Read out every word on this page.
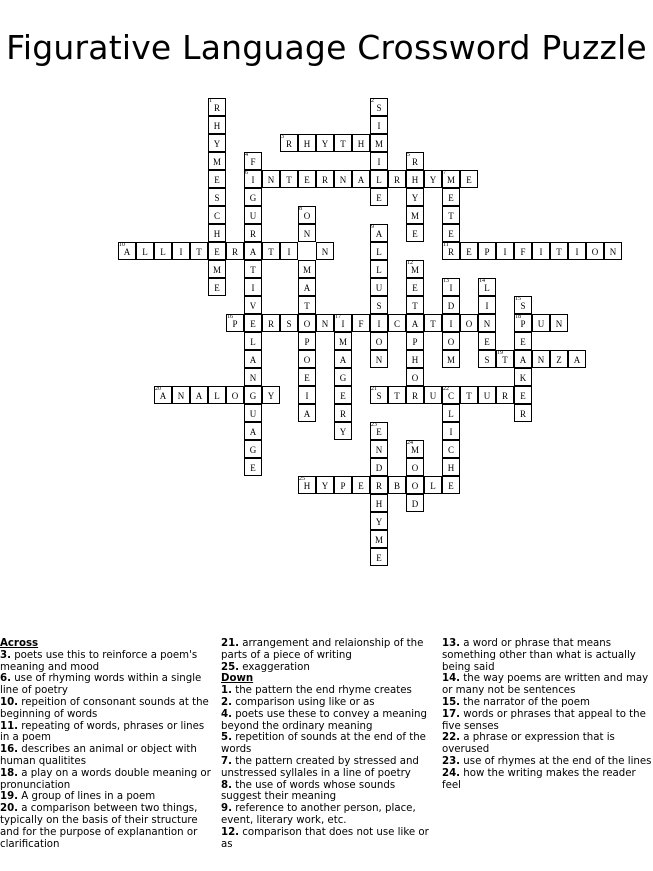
Figurative Language Crossword Puzzle
1
R
H
Y
M
E
S
C
H
E
M
E
2
S
I
M
I
L
E
3
R	H	Y	T	H
4
F
G
U
R
A
T
I
V
E
5
R
Y
M
E
6
I	N	T	E	R	N	A	R	H	Y
7
M	E
E
T
E
8
O
N
M
A
T
O
P
O
E
I
A
9
A
L
L
U
S
I
O
N
10
A	L	L	I	T	R	T	I	N
11
R	E	P	I	F	I	T	I	O	N
12
M
E
T
A
P
H
O
R
13
I
D
I
O
M
14
L
I
N
E
S
15
S
E
A
K
E
R
16
P	R	S	N
17
I	F	C	T	O
L
A
N
G
U
A
G
E
M
A
G
E
R
Y
18
P	U	N
19
T	N	Z	A
20
A	N	A	L	O	Y
21
S	T	U
22
C	T	U	R
L
I
C
H
E
23
E
N
D
H
Y
M
E
24
M
O
D
25
H	Y	P	E	R	B	O	L
Across
3. poets use this to reinforce a poem's meaning and mood
6. use of rhyming words within a single line of poetry
10. repeition of consonant sounds at the beginning of words
11. repeating of words, phrases or lines in a poem
16. describes an animal or object with human qualitites
18. a play on a words double meaning or pronunciation
19. A group of lines in a poem
20. a comparison between two things, typically on the basis of their structure and for the purpose of explanantion or clarification
21. arrangement and relaionship of the parts of a piece of writing
25. exaggeration
Down
1. the pattern the end rhyme creates
2. comparison using like or as
4. poets use these to convey a meaning beyond the ordinary meaning
5. repetition of sounds at the end of the words
7. the pattern created by stressed and unstressed syllales in a line of poetry
8. the use of words whose sounds suggest their meaning
9. reference to another person, place, event, literary work, etc.
12. comparison that does not use like or as
13. a word or phrase that means something other than what is actually being said
14. the way poems are written and may or many not be sentences
15. the narrator of the poem
17. words or phrases that appeal to the five senses
22. a phrase or expression that is overused
23. use of rhymes at the end of the lines
24. how the writing makes the reader feel
